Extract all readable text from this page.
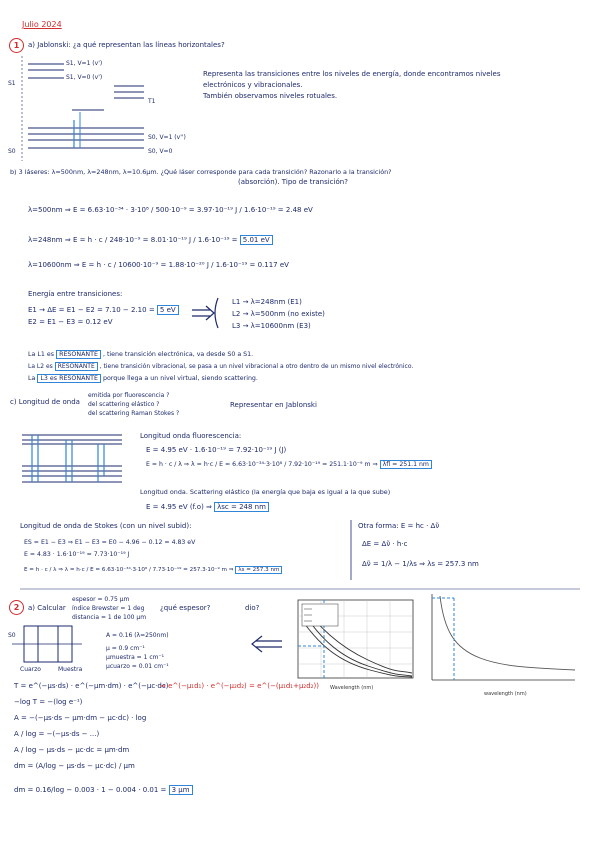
Julio 2024
1	a) Jablonski: ¿a qué representan las líneas horizontales?
S1, V=1 (v')
S1, V=0 (v')
S1
T1
S0
S0, V=1 (v'')
S0, V=0
Representa las transiciones entre los niveles de energía, donde encontramos niveles
electrónicos y vibracionales.
También observamos niveles rotuales.
b) 3 láseres: λ=500nm, λ=248nm, λ=10.6µm. ¿Qué láser corresponde para cada transición? Razonarlo a la transición?
(absorción). Tipo de transición?
λ=500nm ⇒ E = 6.63·10⁻³⁴ · 3·10⁸ / 500·10⁻⁹ = 3.97·10⁻¹⁹ J / 1.6·10⁻¹⁹ = 2.48 eV
λ=248nm ⇒ E = h · c / 248·10⁻⁹ = 8.01·10⁻¹⁹ J / 1.6·10⁻¹⁹ = 5.01 eV
λ=10600nm ⇒ E = h · c / 10600·10⁻⁹ = 1.88·10⁻²⁰ J / 1.6·10⁻¹⁹ = 0.117 eV
Energía entre transiciones:
E1 → ΔE = E1 − E2 = 7.10 − 2.10 = 5 eV
E2 = E1 − E3 = 0.12 eV
L1 → λ=248nm (E1)
L2 → λ=500nm (no existe)
L3 → λ=10600nm (E3)
La L1 es RESONANTE , tiene transición electrónica, va desde S0 a S1.
La L2 es RESONANTE , tiene transición vibracional, se pasa a un nivel vibracional a otro dentro de un mismo nivel electrónico.
La L3 es RESONANTE porque llega a un nivel virtual, siendo scattering.
c) Longitud de onda
emitida por fluorescencia ?
del scattering elástico ?
del scattering Raman Stokes ?
Representar en Jablonski
Longitud onda fluorescencia:
E = 4.95 eV · 1.6·10⁻¹⁹ = 7.92·10⁻¹⁹ J (J)
E = h · c / λ ⇒ λ = h·c / E = 6.63·10⁻³⁴·3·10⁸ / 7.92·10⁻¹⁹ = 251.1·10⁻⁹ m ⇒ λfl = 251.1 nm
Longitud onda. Scattering elástico (la energía que baja es igual a la que sube)
E = 4.95 eV (f.o) ⇒ λsc = 248 nm
Longitud de onda de Stokes (con un nivel subid):
ES = E1 − E3 ⇒ E1 − E3 = E0 − 4.96 − 0.12 = 4.83 eV
E = 4.83 · 1.6·10⁻¹⁹ = 7.73·10⁻¹⁹ J
E = h · c / λ ⇒ λ = h·c / E = 6.63·10⁻³⁴·3·10⁸ / 7.73·10⁻¹⁹ = 257.3·10⁻⁹ m ⇒ λs = 257.3 nm
Otra forma: E = hc · Δν̃
ΔE = Δν̃ · h·c
Δν̃ = 1/λ − 1/λs ⇒ λs = 257.3 nm
2	a) Calcular
espesor = 0.75 µm
índice Brewster = 1 deg
distancia = 1 de 100 µm
¿qué espesor?	dio?
S0
Cuarzo	Muestra
A = 0.16 (λ=250nm)
µ = 0.9 cm⁻¹
µmuestra = 1 cm⁻¹
µcuarzo = 0.01 cm⁻¹
T = e^(−µs·ds) · e^(−µm·dm) · e^(−µc·dc)
⇒ e^(−µ₁d₁) · e^(−µ₂d₂) = e^(−(µ₁d₁+µ₂d₂))
−log T = −(log e⁻¹)
A = −(−µs·ds − µm·dm − µc·dc) · log
A / log = −(−µs·ds − ...)
A / log − µs·ds − µc·dc = µm·dm
dm = (A/log − µs·ds − µc·dc) / µm
dm = 0.16/log − 0.003 · 1 − 0.004 · 0.01 = 3 µm
Wavelength (nm)
wavelength (nm)
